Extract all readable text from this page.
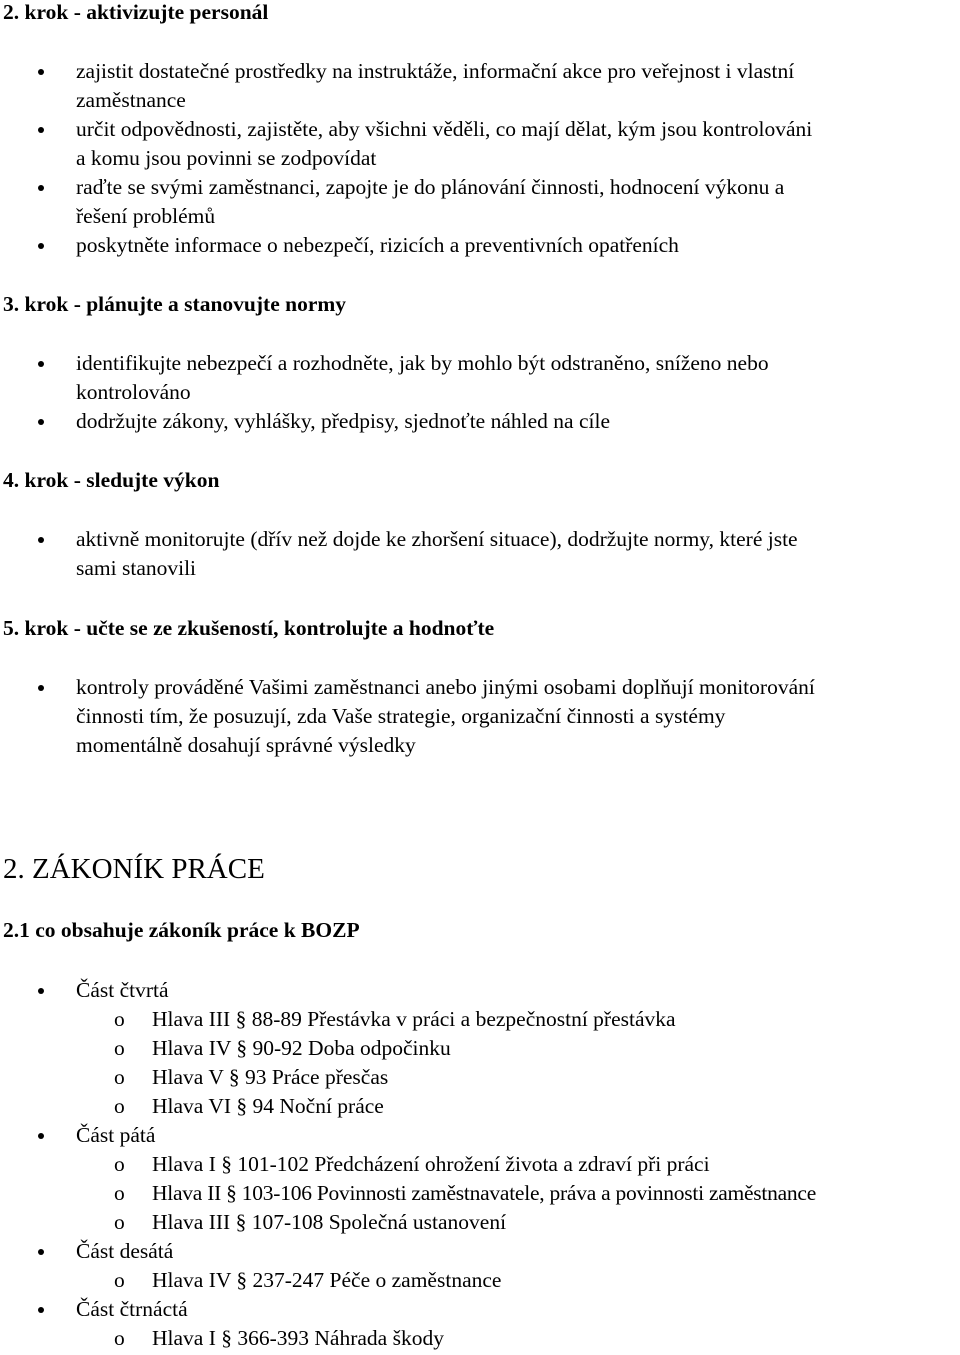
2. krok - aktivizujte personál
zajistit dostatečné prostředky na instruktáže, informační akce pro veřejnost i vlastní
zaměstnance
určit odpovědnosti, zajistěte, aby všichni věděli, co mají dělat, kým jsou kontrolováni
a komu jsou povinni se zodpovídat
raďte se svými zaměstnanci, zapojte je do plánování činnosti, hodnocení výkonu a
řešení problémů
poskytněte informace o nebezpečí, rizicích a preventivních opatřeních
3. krok - plánujte a stanovujte normy
identifikujte nebezpečí a rozhodněte, jak by mohlo být odstraněno, sníženo nebo
kontrolováno
dodržujte zákony, vyhlášky, předpisy, sjednoťte náhled na cíle
4. krok - sledujte výkon
aktivně monitorujte (dřív než dojde ke zhoršení situace), dodržujte normy, které jste
sami stanovili
5. krok - učte se ze zkušeností, kontrolujte a hodnoťte
kontroly prováděné Vašimi zaměstnanci anebo jinými osobami doplňují monitorování
činnosti tím, že posuzují, zda Vaše strategie, organizační činnosti a systémy
momentálně dosahují správné výsledky
2. ZÁKONÍK PRÁCE
2.1 co obsahuje zákoník práce k BOZP
Část čtvrtá
o Hlava III § 88-89 Přestávka v práci a bezpečnostní přestávka
o Hlava IV § 90-92 Doba odpočinku
o Hlava V § 93 Práce přesčas
o Hlava VI § 94 Noční práce
Část pátá
o Hlava I § 101-102 Předcházení ohrožení života a zdraví při práci
o Hlava II § 103-106 Povinnosti zaměstnavatele, práva a povinnosti zaměstnance
o Hlava III § 107-108 Společná ustanovení
Část desátá
o Hlava IV § 237-247 Péče o zaměstnance
Část čtrnáctá
o Hlava I § 366-393 Náhrada škody
